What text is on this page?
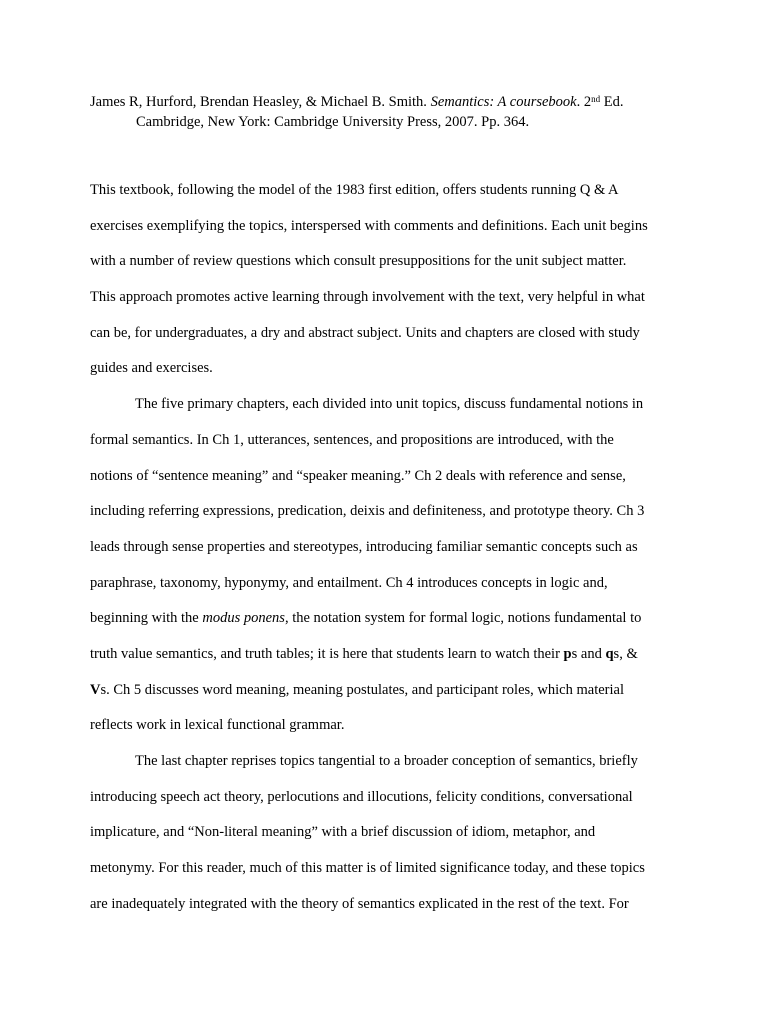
James R, Hurford, Brendan Heasley, & Michael B. Smith. Semantics: A coursebook. 2nd Ed.
Cambridge, New York: Cambridge University Press, 2007. Pp. 364.
This textbook, following the model of the 1983 first edition, offers students running Q & A
exercises exemplifying the topics, interspersed with comments and definitions. Each unit begins
with a number of review questions which consult presuppositions for the unit subject matter.
This approach promotes active learning through involvement with the text, very helpful in what
can be, for undergraduates, a dry and abstract subject. Units and chapters are closed with study
guides and exercises.
The five primary chapters, each divided into unit topics, discuss fundamental notions in
formal semantics. In Ch 1, utterances, sentences, and propositions are introduced, with the
notions of “sentence meaning” and “speaker meaning.” Ch 2 deals with reference and sense,
including referring expressions, predication, deixis and definiteness, and prototype theory. Ch 3
leads through sense properties and stereotypes, introducing familiar semantic concepts such as
paraphrase, taxonomy, hyponymy, and entailment. Ch 4 introduces concepts in logic and,
beginning with the modus ponens, the notation system for formal logic, notions fundamental to
truth value semantics, and truth tables; it is here that students learn to watch their ps and qs, &
Vs. Ch 5 discusses word meaning, meaning postulates, and participant roles, which material
reflects work in lexical functional grammar.
The last chapter reprises topics tangential to a broader conception of semantics, briefly
introducing speech act theory, perlocutions and illocutions, felicity conditions, conversational
implicature, and “Non-literal meaning” with a brief discussion of idiom, metaphor, and
metonymy. For this reader, much of this matter is of limited significance today, and these topics
are inadequately integrated with the theory of semantics explicated in the rest of the text. For
